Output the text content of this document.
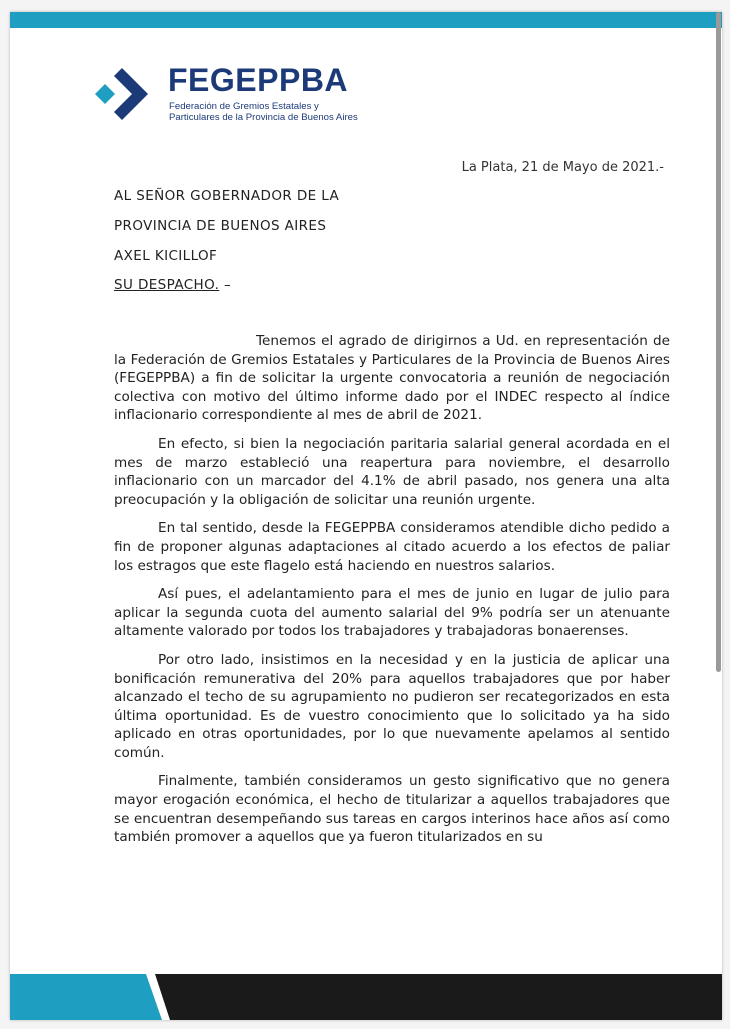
FEGEPPBA
Federación de Gremios Estatales y
Particulares de la Provincia de Buenos Aires
La Plata, 21 de Mayo de 2021.-
AL SEÑOR GOBERNADOR DE LA
PROVINCIA DE BUENOS AIRES
AXEL KICILLOF
SU DESPACHO. –

Tenemos el agrado de dirigirnos a Ud. en representación de la Federación de Gremios Estatales y Particulares de la Provincia de Buenos Aires (FEGEPPBA) a fin de solicitar la urgente convocatoria a reunión de negociación colectiva con motivo del último informe dado por el INDEC respecto al índice inflacionario correspondiente al mes de abril de 2021.

En efecto, si bien la negociación paritaria salarial general acordada en el mes de marzo estableció una reapertura para noviembre, el desarrollo inflacionario con un marcador del 4.1% de abril pasado, nos genera una alta preocupación y la obligación de solicitar una reunión urgente.

En tal sentido, desde la FEGEPPBA consideramos atendible dicho pedido a fin de proponer algunas adaptaciones al citado acuerdo a los efectos de paliar los estragos que este flagelo está haciendo en nuestros salarios.

Así pues, el adelantamiento para el mes de junio en lugar de julio para aplicar la segunda cuota del aumento salarial del 9% podría ser un atenuante altamente valorado por todos los trabajadores y trabajadoras bonaerenses.

Por otro lado, insistimos en la necesidad y en la justicia de aplicar una bonificación remunerativa del 20% para aquellos trabajadores que por haber alcanzado el techo de su agrupamiento no pudieron ser recategorizados en esta última oportunidad. Es de vuestro conocimiento que lo solicitado ya ha sido aplicado en otras oportunidades, por lo que nuevamente apelamos al sentido común.

Finalmente, también consideramos un gesto significativo que no genera mayor erogación económica, el hecho de titularizar a aquellos trabajadores que se encuentran desempeñando sus tareas en cargos interinos hace años así como también promover a aquellos que ya fueron titularizados en su
